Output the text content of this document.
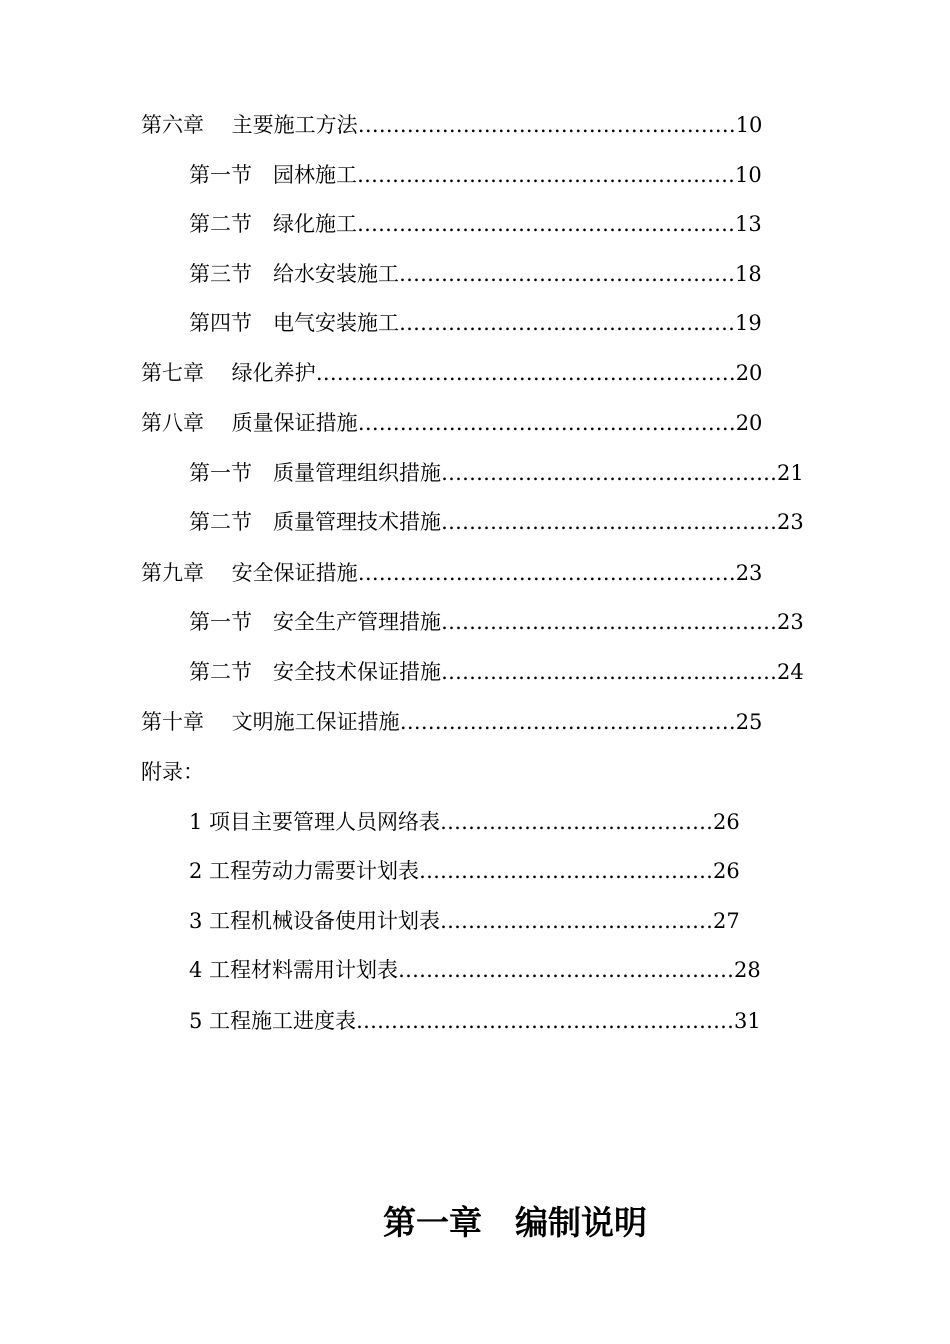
第六章　 主要施工方法………………………………………………10
第一节　园林施工………………………………………………10
第二节　绿化施工………………………………………………13
第三节　给水安装施工…………………………………………18
第四节　电气安装施工…………………………………………19
第七章　 绿化养护……………………………………………………20
第八章　 质量保证措施………………………………………………20
第一节　质量管理组织措施…………………………………………21
第二节　质量管理技术措施…………………………………………23
第九章　 安全保证措施………………………………………………23
第一节　安全生产管理措施…………………………………………23
第二节　安全技术保证措施…………………………………………24
第十章　 文明施工保证措施…………………………………………25
附录：
1 项目主要管理人员网络表…………………………………26
2 工程劳动力需要计划表……………………………………26
3 工程机械设备使用计划表…………………………………27
4 工程材料需用计划表…………………………………………28
5 工程施工进度表………………………………………………31
第一章　编制说明
